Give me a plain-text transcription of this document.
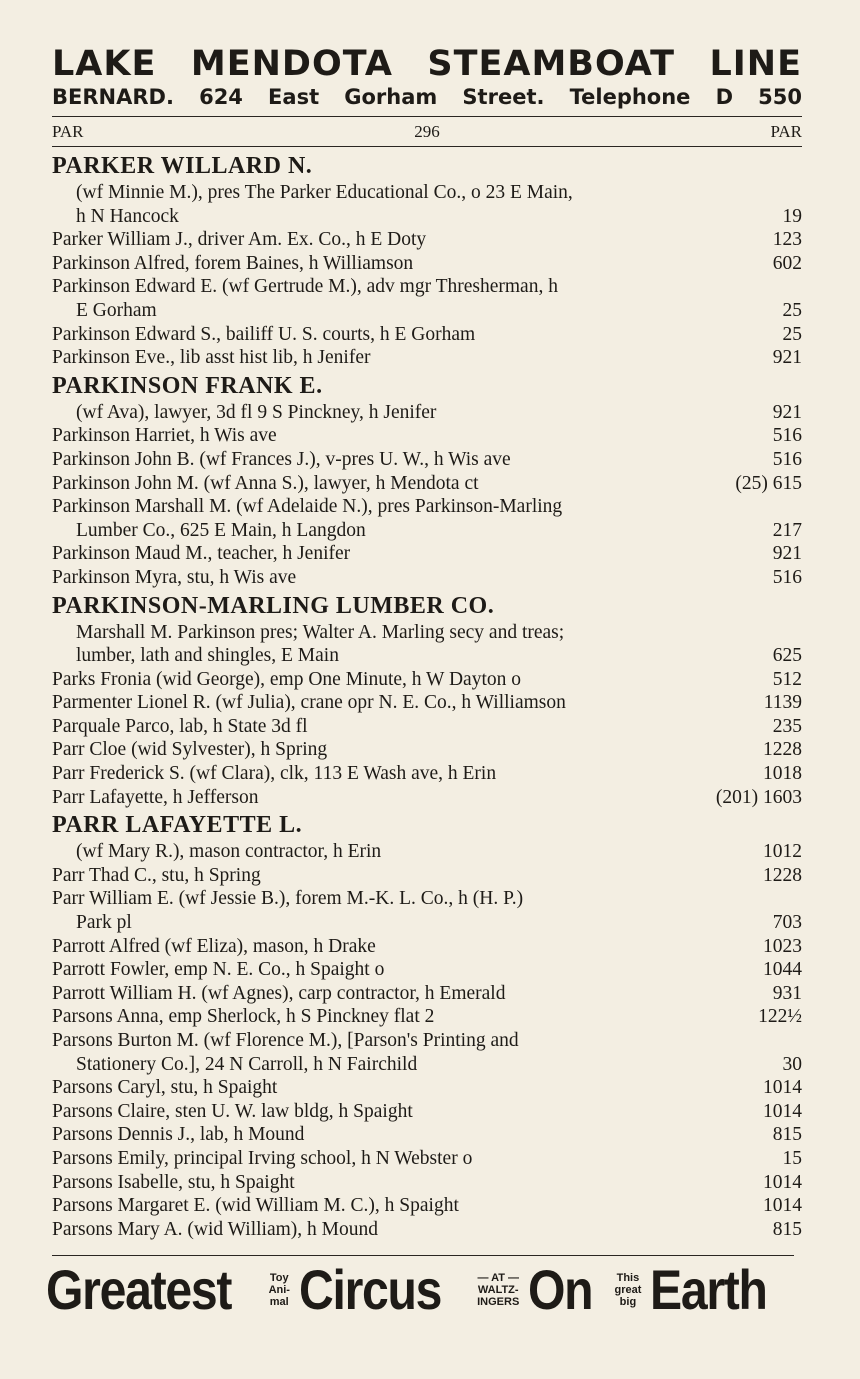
LAKE MENDOTA STEAMBOAT LINE
BERNARD. 624 East Gorham Street. Telephone D 550
PAR	296	PAR
PARKER WILLARD N.
(wf Minnie M.), pres The Parker Educational Co., o 23 E Main,
h N Hancock	19
Parker William J., driver Am. Ex. Co., h E Doty	123
Parkinson Alfred, forem Baines, h Williamson	602
Parkinson Edward E. (wf Gertrude M.), adv mgr Thresherman, h
E Gorham	25
Parkinson Edward S., bailiff U. S. courts, h E Gorham	25
Parkinson Eve., lib asst hist lib, h Jenifer	921
PARKINSON FRANK E.
(wf Ava), lawyer, 3d fl 9 S Pinckney, h Jenifer	921
Parkinson Harriet, h Wis ave	516
Parkinson John B. (wf Frances J.), v-pres U. W., h Wis ave	516
Parkinson John M. (wf Anna S.), lawyer, h Mendota ct	(25) 615
Parkinson Marshall M. (wf Adelaide N.), pres Parkinson-Marling
Lumber Co., 625 E Main, h Langdon	217
Parkinson Maud M., teacher, h Jenifer	921
Parkinson Myra, stu, h Wis ave	516
PARKINSON-MARLING LUMBER CO.
Marshall M. Parkinson pres; Walter A. Marling secy and treas;
lumber, lath and shingles, E Main	625
Parks Fronia (wid George), emp One Minute, h W Dayton o	512
Parmenter Lionel R. (wf Julia), crane opr N. E. Co., h Williamson	1139
Parquale Parco, lab, h State 3d fl	235
Parr Cloe (wid Sylvester), h Spring	1228
Parr Frederick S. (wf Clara), clk, 113 E Wash ave, h Erin	1018
Parr Lafayette, h Jefferson	(201) 1603
PARR LAFAYETTE L.
(wf Mary R.), mason contractor, h Erin	1012
Parr Thad C., stu, h Spring	1228
Parr William E. (wf Jessie B.), forem M.-K. L. Co., h (H. P.)
Park pl	703
Parrott Alfred (wf Eliza), mason, h Drake	1023
Parrott Fowler, emp N. E. Co., h Spaight o	1044
Parrott William H. (wf Agnes), carp contractor, h Emerald	931
Parsons Anna, emp Sherlock, h S Pinckney flat 2	122½
Parsons Burton M. (wf Florence M.), [Parson's Printing and
Stationery Co.], 24 N Carroll, h N Fairchild	30
Parsons Caryl, stu, h Spaight	1014
Parsons Claire, sten U. W. law bldg, h Spaight	1014
Parsons Dennis J., lab, h Mound	815
Parsons Emily, principal Irving school, h N Webster o	15
Parsons Isabelle, stu, h Spaight	1014
Parsons Margaret E. (wid William M. C.), h Spaight	1014
Parsons Mary A. (wid William), h Mound	815
Greatest	Toy
Ani-
mal Circus	— AT —
WALTZ-
INGERS On	This
great
big Earth
